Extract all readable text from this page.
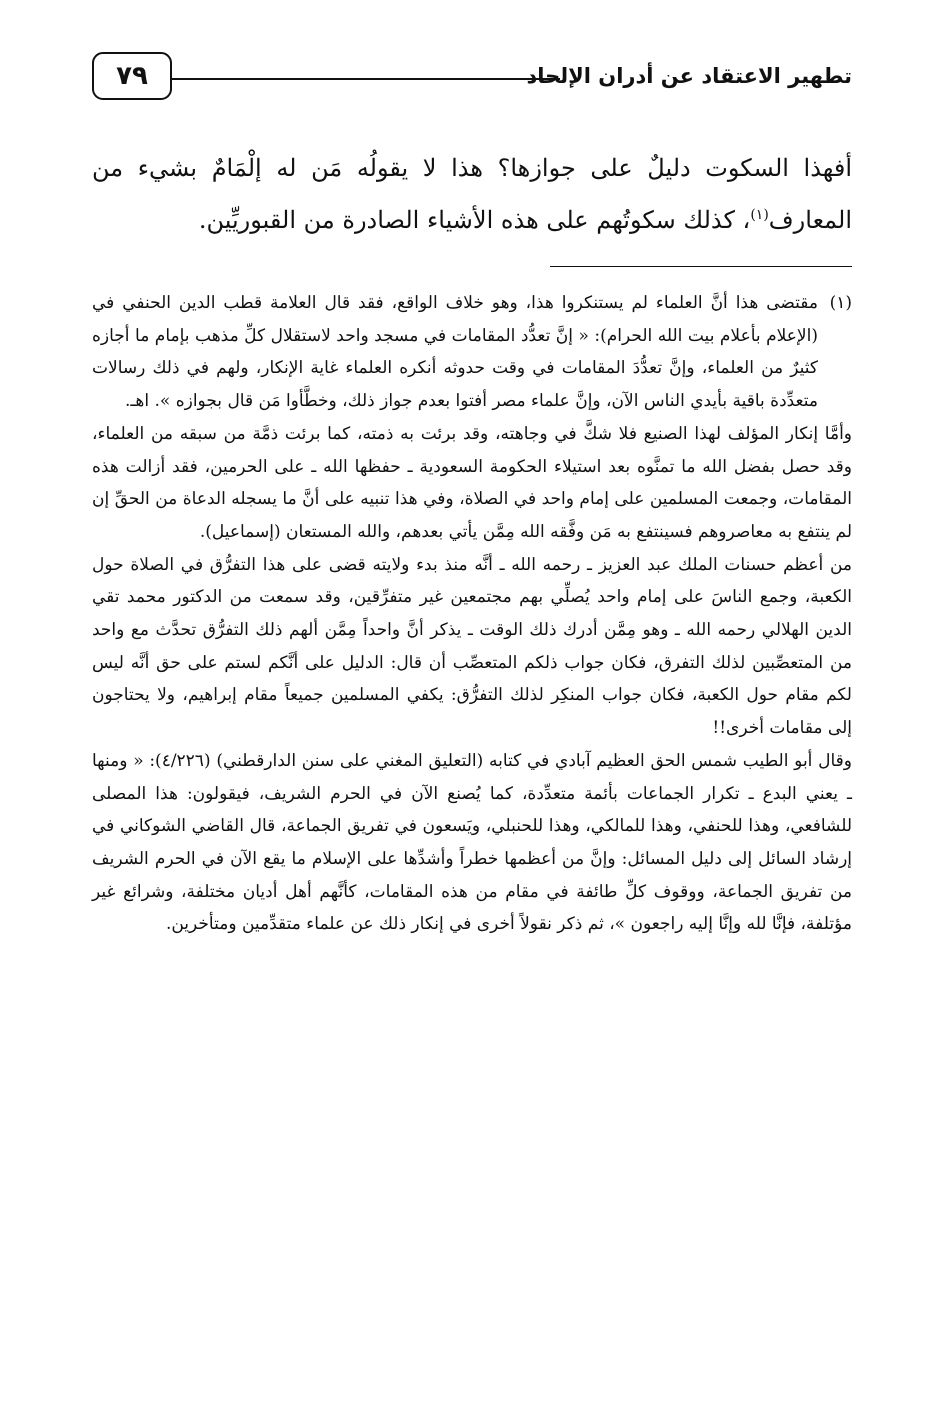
تطهير الاعتقاد عن أدران الإلحاد
٧٩

أفهذا السكوت دليلٌ على جوازها؟ هذا لا يقولُه مَن له إلْمَامٌ بشيء من المعارف$^{(١)}$، كذلك سكوتُهم على هذه الأشياء الصادرة من القبوريِّين.

(١)مقتضى هذا أنَّ العلماء لم يستنكروا هذا، وهو خلاف الواقع، فقد قال العلامة قطب الدين الحنفي في (الإعلام بأعلام بيت الله الحرام): « إنَّ تعدُّد المقامات في مسجد واحد لاستقلال كلِّ مذهب بإمام ما أجازه كثيرٌ من العلماء، وإنَّ تعدُّدَ المقامات في وقت حدوثه أنكره العلماء غاية الإنكار، ولهم في ذلك رسالات متعدِّدة باقية بأيدي الناس الآن، وإنَّ علماء مصر أفتوا بعدم جواز ذلك، وخطَّأوا مَن قال بجوازه ». اهـ.

وأمَّا إنكار المؤلف لهذا الصنيع فلا شكَّ في وجاهته، وقد برئت به ذمته، كما برئت ذمَّة من سبقه من العلماء، وقد حصل بفضل الله ما تمنَّوه بعد استيلاء الحكومة السعودية ـ حفظها الله ـ على الحرمين، فقد أزالت هذه المقامات، وجمعت المسلمين على إمام واحد في الصلاة، وفي هذا تنبيه على أنَّ ما يسجله الدعاة من الحقِّ إن لم ينتفع به معاصروهم فسينتفع به مَن وفَّقه الله مِمَّن يأتي بعدهم، والله المستعان (إسماعيل).

من أعظم حسنات الملك عبد العزيز ـ رحمه الله ـ أنَّه منذ بدء ولايته قضى على هذا التفرُّق في الصلاة حول الكعبة، وجمع الناسَ على إمام واحد يُصلِّي بهم مجتمعين غير متفرِّقين، وقد سمعت من الدكتور محمد تقي الدين الهلالي رحمه الله ـ وهو مِمَّن أدرك ذلك الوقت ـ يذكر أنَّ واحداً مِمَّن ألهم ذلك التفرُّق تحدَّث مع واحد من المتعصِّبين لذلك التفرق، فكان جواب ذلكم المتعصِّب أن قال: الدليل على أنَّكم لستم على حق أنَّه ليس لكم مقام حول الكعبة، فكان جواب المنكِر لذلك التفرُّق: يكفي المسلمين جميعاً مقام إبراهيم، ولا يحتاجون إلى مقامات أخرى!!

وقال أبو الطيب شمس الحق العظيم آبادي في كتابه (التعليق المغني على سنن الدارقطني) (٤/٢٢٦): « ومنها ـ يعني البدع ـ تكرار الجماعات بأئمة متعدِّدة، كما يُصنع الآن في الحرم الشريف، فيقولون: هذا المصلى للشافعي، وهذا للحنفي، وهذا للمالكي، وهذا للحنبلي، ويَسعون في تفريق الجماعة، قال القاضي الشوكاني في إرشاد السائل إلى دليل المسائل: وإنَّ من أعظمها خطراً وأشدِّها على الإسلام ما يقع الآن في الحرم الشريف من تفريق الجماعة، ووقوف كلِّ طائفة في مقام من هذه المقامات، كأنَّهم أهل أديان مختلفة، وشرائع غير مؤتلفة، فإنَّا لله وإنَّا إليه راجعون »، ثم ذكر نقولاً أخرى في إنكار ذلك عن علماء متقدِّمين ومتأخرين.
